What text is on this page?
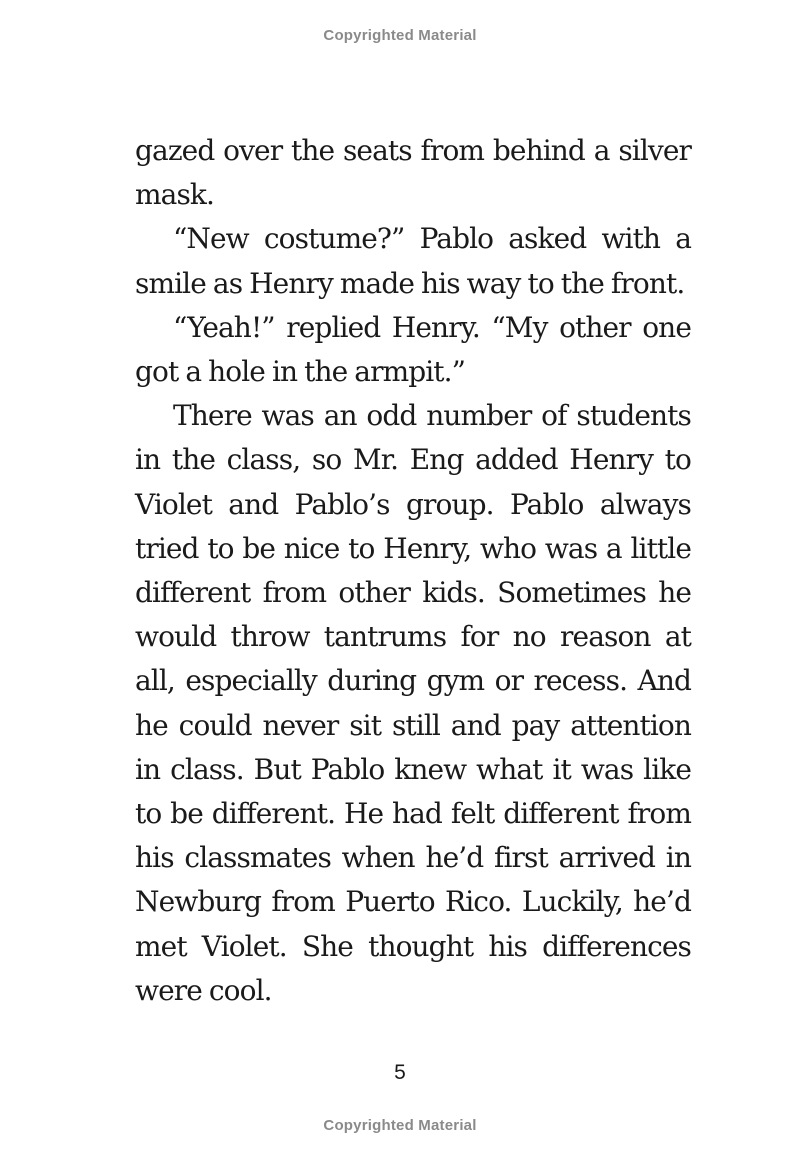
Copyrighted Material

gazed over the seats from behind a silver mask.

“New costume?” Pablo asked with a smile as Henry made his way to the front.

“Yeah!” replied Henry. “My other one got a hole in the armpit.”

There was an odd number of students in the class, so Mr. Eng added Henry to Violet and Pablo’s group. Pablo always tried to be nice to Henry, who was a little different from other kids. Sometimes he would throw tantrums for no reason at all, especially during gym or recess. And he could never sit still and pay attention in class. But Pablo knew what it was like to be different. He had felt different from his classmates when he’d first arrived in Newburg from Puerto Rico. Luckily, he’d met Violet. She thought his differences were cool.

5
Copyrighted Material
